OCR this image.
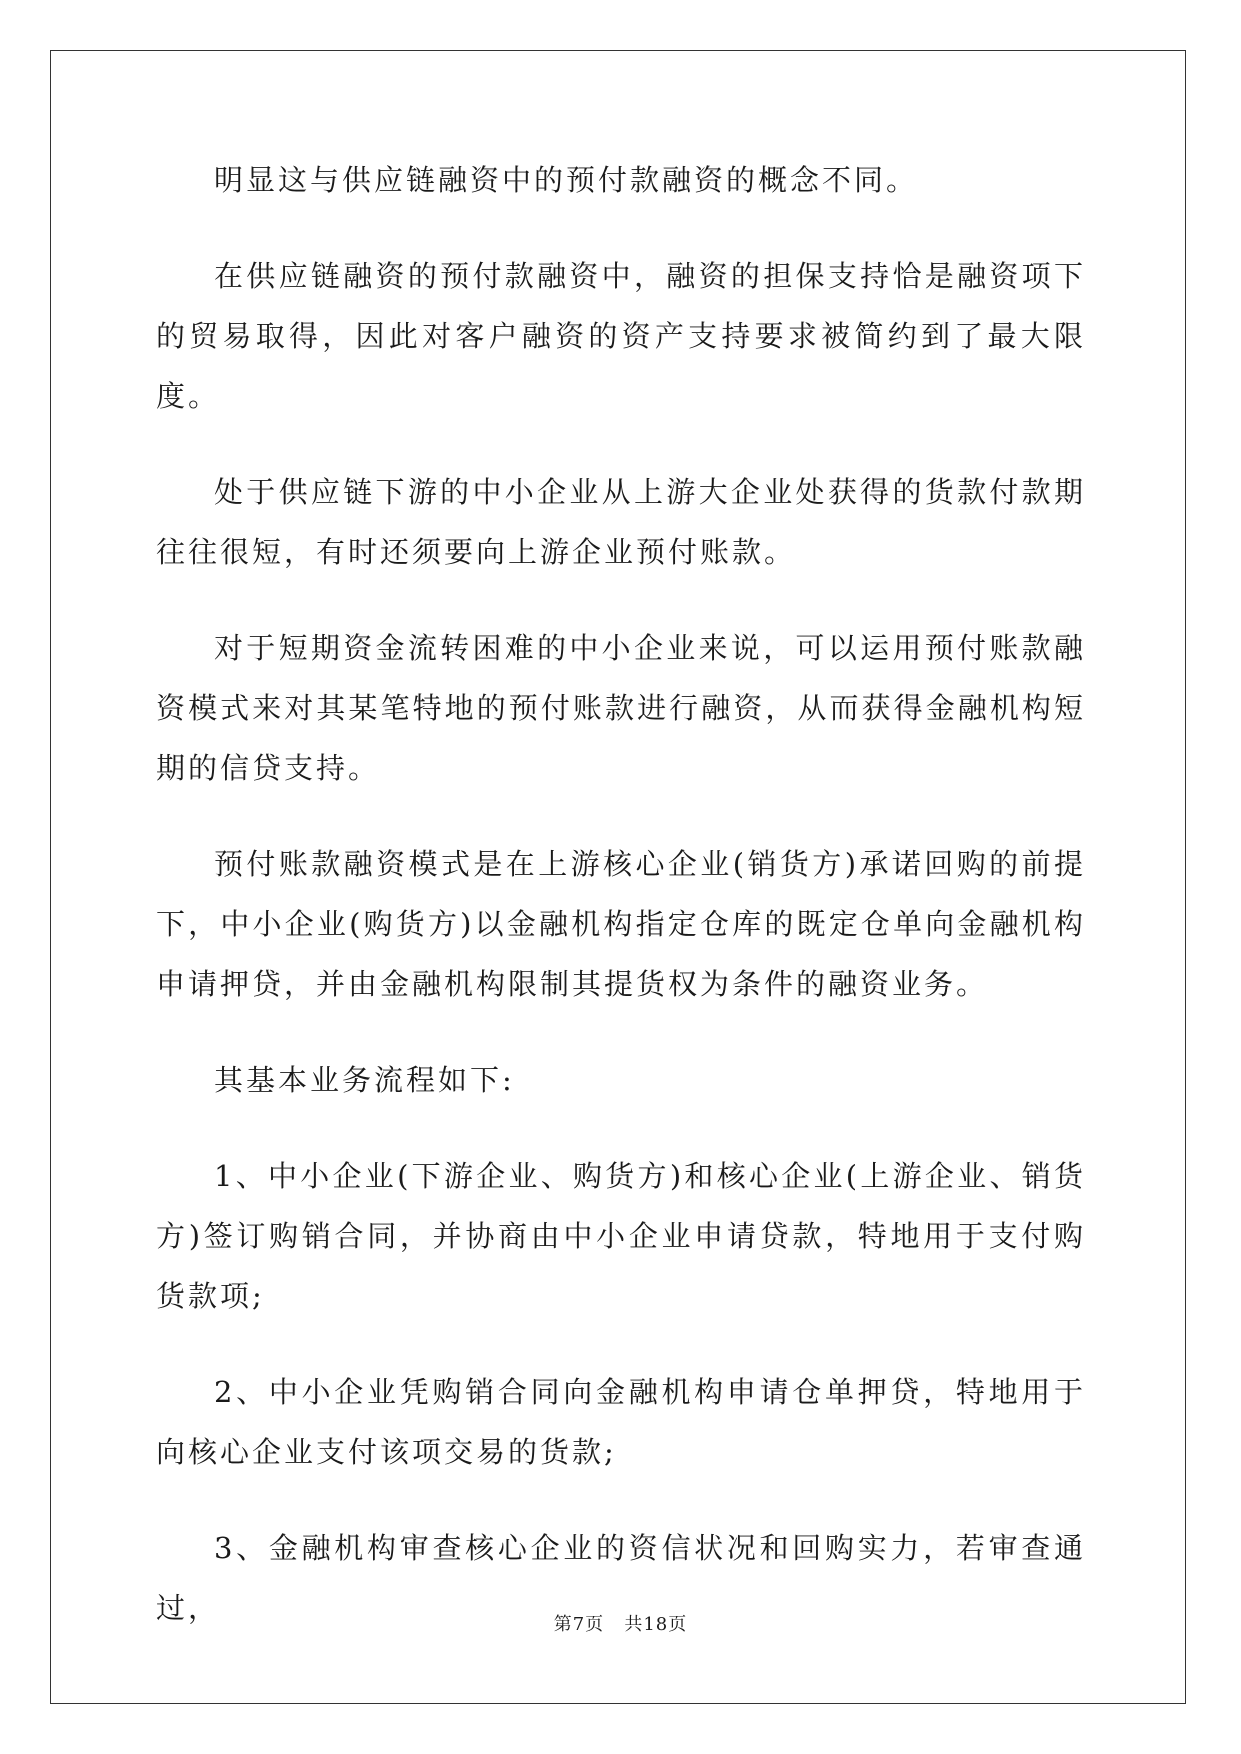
明显这与供应链融资中的预付款融资的概念不同。

在供应链融资的预付款融资中，融资的担保支持恰是融资项下的贸易取得，因此对客户融资的资产支持要求被简约到了最大限度。

处于供应链下游的中小企业从上游大企业处获得的货款付款期往往很短，有时还须要向上游企业预付账款。

对于短期资金流转困难的中小企业来说，可以运用预付账款融资模式来对其某笔特地的预付账款进行融资，从而获得金融机构短期的信贷支持。

预付账款融资模式是在上游核心企业(销货方)承诺回购的前提下，中小企业(购货方)以金融机构指定仓库的既定仓单向金融机构申请押贷，并由金融机构限制其提货权为条件的融资业务。

其基本业务流程如下:

1、中小企业(下游企业、购货方)和核心企业(上游企业、销货方)签订购销合同，并协商由中小企业申请贷款，特地用于支付购货款项;

2、中小企业凭购销合同向金融机构申请仓单押贷，特地用于向核心企业支付该项交易的货款;

3、金融机构审查核心企业的资信状况和回购实力，若审查通过，	第7页 共18页
